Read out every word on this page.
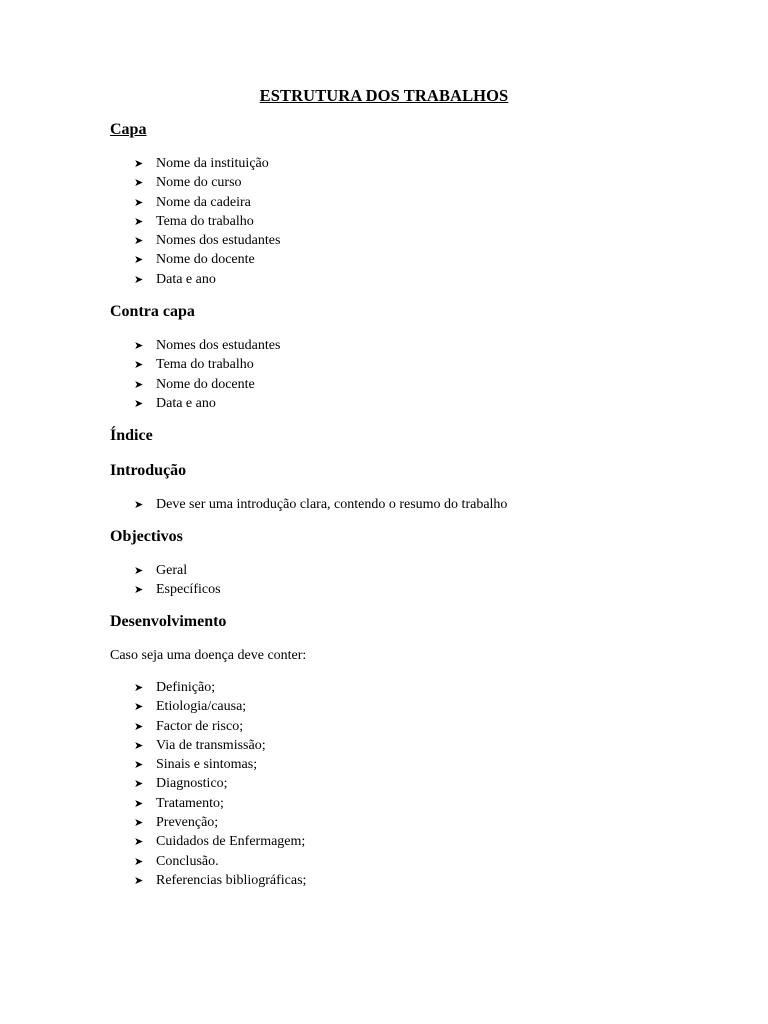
ESTRUTURA DOS TRABALHOS
Capa
➤ Nome da instituição
➤ Nome do curso
➤ Nome da cadeira
➤ Tema do trabalho
➤ Nomes dos estudantes
➤ Nome do docente
➤ Data e ano
Contra capa
➤ Nomes dos estudantes
➤ Tema do trabalho
➤ Nome do docente
➤ Data e ano
Índice
Introdução
➤ Deve ser uma introdução clara, contendo o resumo do trabalho
Objectivos
➤ Geral
➤ Específicos
Desenvolvimento
Caso seja uma doença deve conter:
➤ Definição;
➤ Etiologia/causa;
➤ Factor de risco;
➤ Via de transmissão;
➤ Sinais e sintomas;
➤ Diagnostico;
➤ Tratamento;
➤ Prevenção;
➤ Cuidados de Enfermagem;
➤ Conclusão.
➤ Referencias bibliográficas;
